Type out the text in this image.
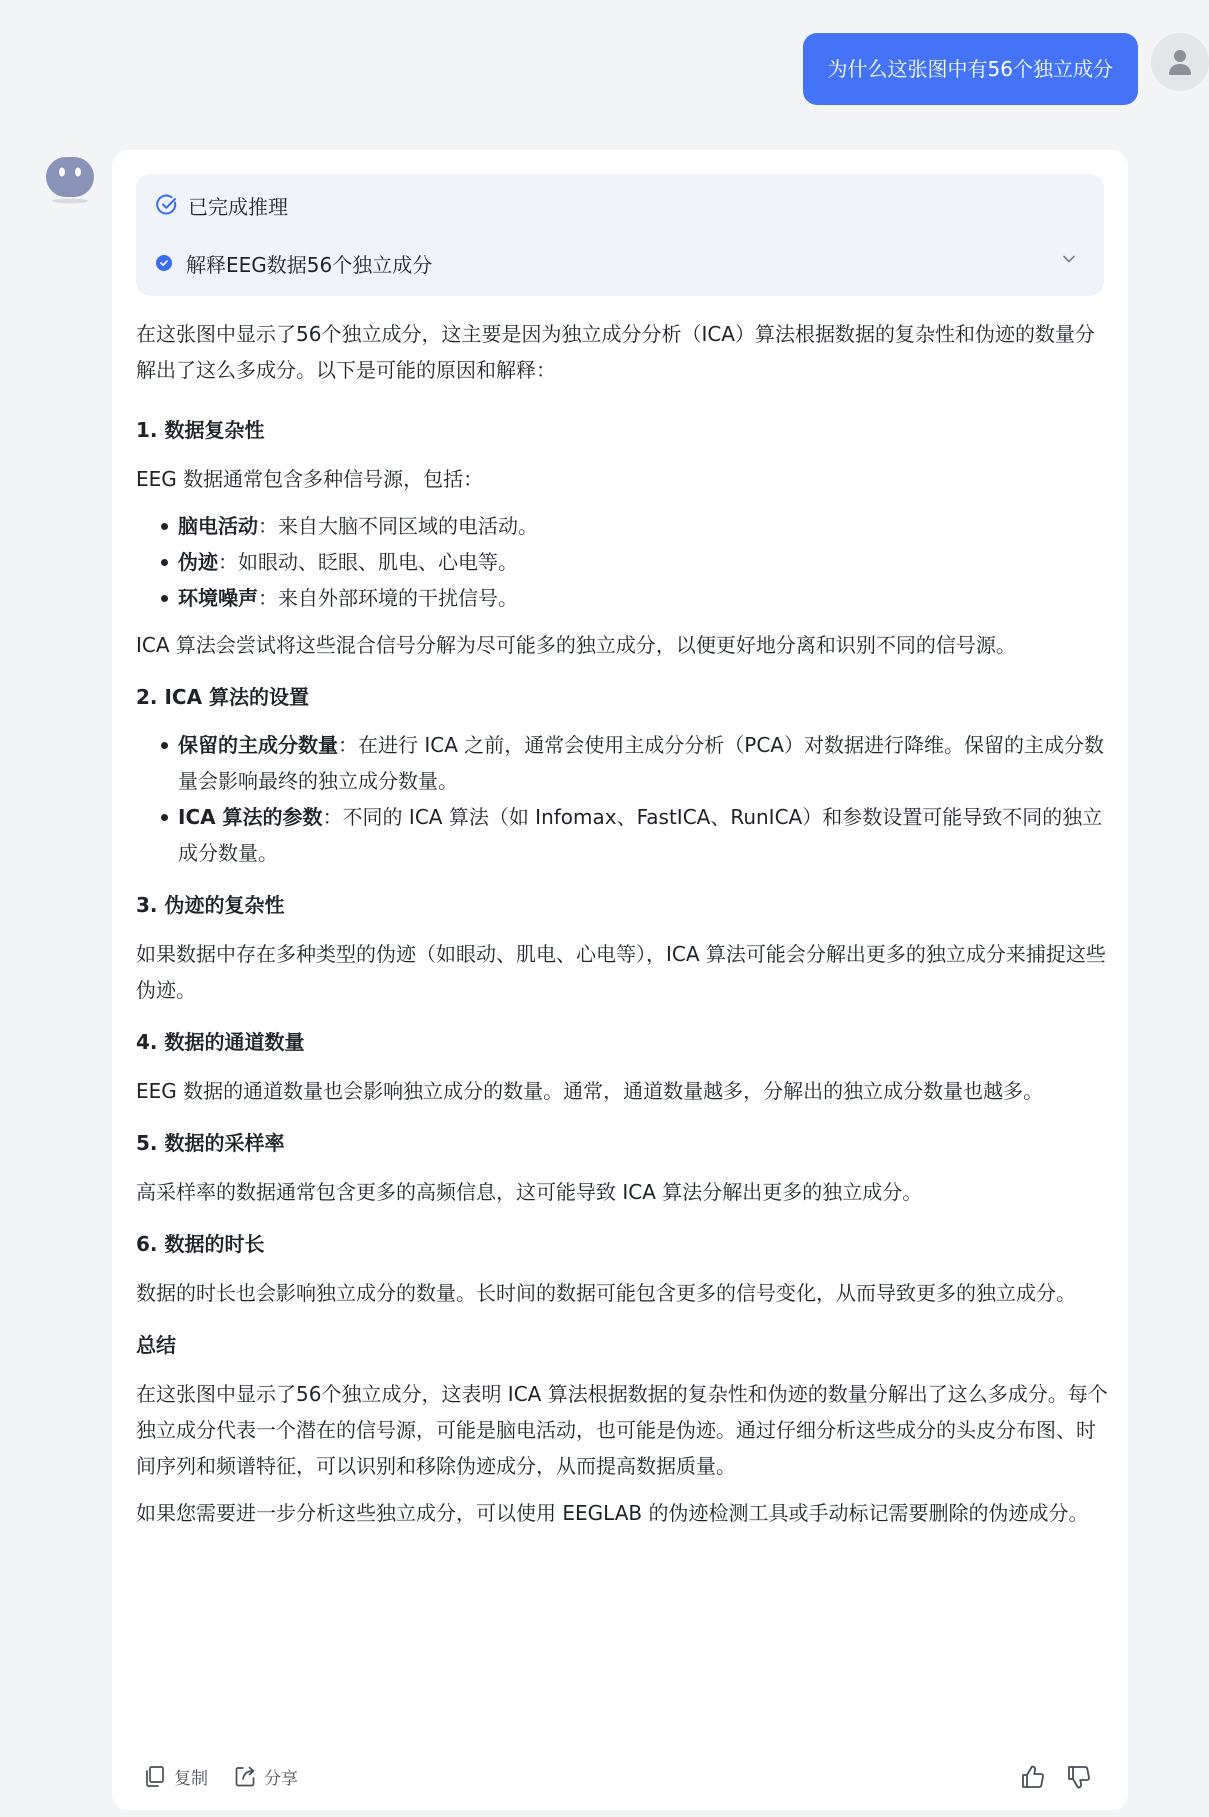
为什么这张图中有56个独立成分
已完成推理
解释EEG数据56个独立成分

在这张图中显示了56个独立成分，这主要是因为独立成分分析（ICA）算法根据数据的复杂性和伪迹的数量分解出了这么多成分。以下是可能的原因和解释：

1. 数据复杂性

EEG 数据通常包含多种信号源，包括：

脑电活动：来自大脑不同区域的电活动。
伪迹：如眼动、眨眼、肌电、心电等。
环境噪声：来自外部环境的干扰信号。

ICA 算法会尝试将这些混合信号分解为尽可能多的独立成分，以便更好地分离和识别不同的信号源。

2. ICA 算法的设置
保留的主成分数量：在进行 ICA 之前，通常会使用主成分分析（PCA）对数据进行降维。保留的主成分数量会影响最终的独立成分数量。
ICA 算法的参数：不同的 ICA 算法（如 Infomax、FastICA、RunICA）和参数设置可能导致不同的独立成分数量。
3. 伪迹的复杂性

如果数据中存在多种类型的伪迹（如眼动、肌电、心电等），ICA 算法可能会分解出更多的独立成分来捕捉这些伪迹。

4. 数据的通道数量

EEG 数据的通道数量也会影响独立成分的数量。通常，通道数量越多，分解出的独立成分数量也越多。

5. 数据的采样率

高采样率的数据通常包含更多的高频信息，这可能导致 ICA 算法分解出更多的独立成分。

6. 数据的时长

数据的时长也会影响独立成分的数量。长时间的数据可能包含更多的信号变化，从而导致更多的独立成分。

总结

在这张图中显示了56个独立成分，这表明 ICA 算法根据数据的复杂性和伪迹的数量分解出了这么多成分。每个独立成分代表一个潜在的信号源，可能是脑电活动，也可能是伪迹。通过仔细分析这些成分的头皮分布图、时间序列和频谱特征，可以识别和移除伪迹成分，从而提高数据质量。

如果您需要进一步分析这些独立成分，可以使用 EEGLAB 的伪迹检测工具或手动标记需要删除的伪迹成分。

复制	分享
